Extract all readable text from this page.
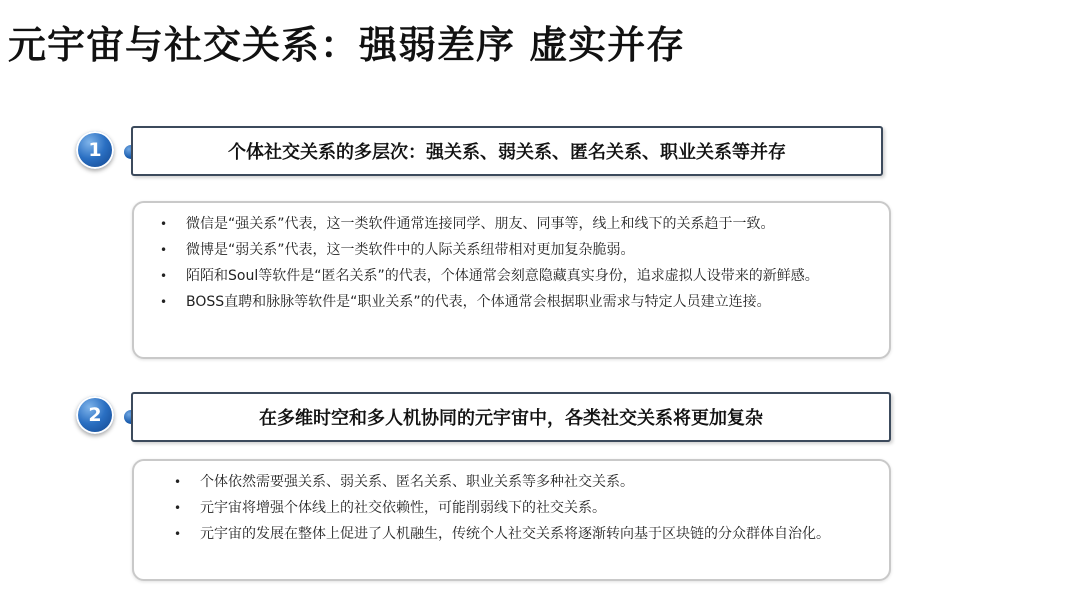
元宇宙与社交关系：强弱差序 虚实并存
1	个体社交关系的多层次：强关系、弱关系、匿名关系、职业关系等并存
• 微信是“强关系”代表，这一类软件通常连接同学、朋友、同事等，线上和线下的关系趋于一致。
• 微博是“弱关系”代表，这一类软件中的人际关系纽带相对更加复杂脆弱。
• 陌陌和Soul等软件是“匿名关系”的代表，个体通常会刻意隐藏真实身份，追求虚拟人设带来的新鲜感。
• BOSS直聘和脉脉等软件是“职业关系”的代表，个体通常会根据职业需求与特定人员建立连接。
2	在多维时空和多人机协同的元宇宙中，各类社交关系将更加复杂
• 个体依然需要强关系、弱关系、匿名关系、职业关系等多种社交关系。
• 元宇宙将增强个体线上的社交依赖性，可能削弱线下的社交关系。
• 元宇宙的发展在整体上促进了人机融生，传统个人社交关系将逐渐转向基于区块链的分众群体自治化。
